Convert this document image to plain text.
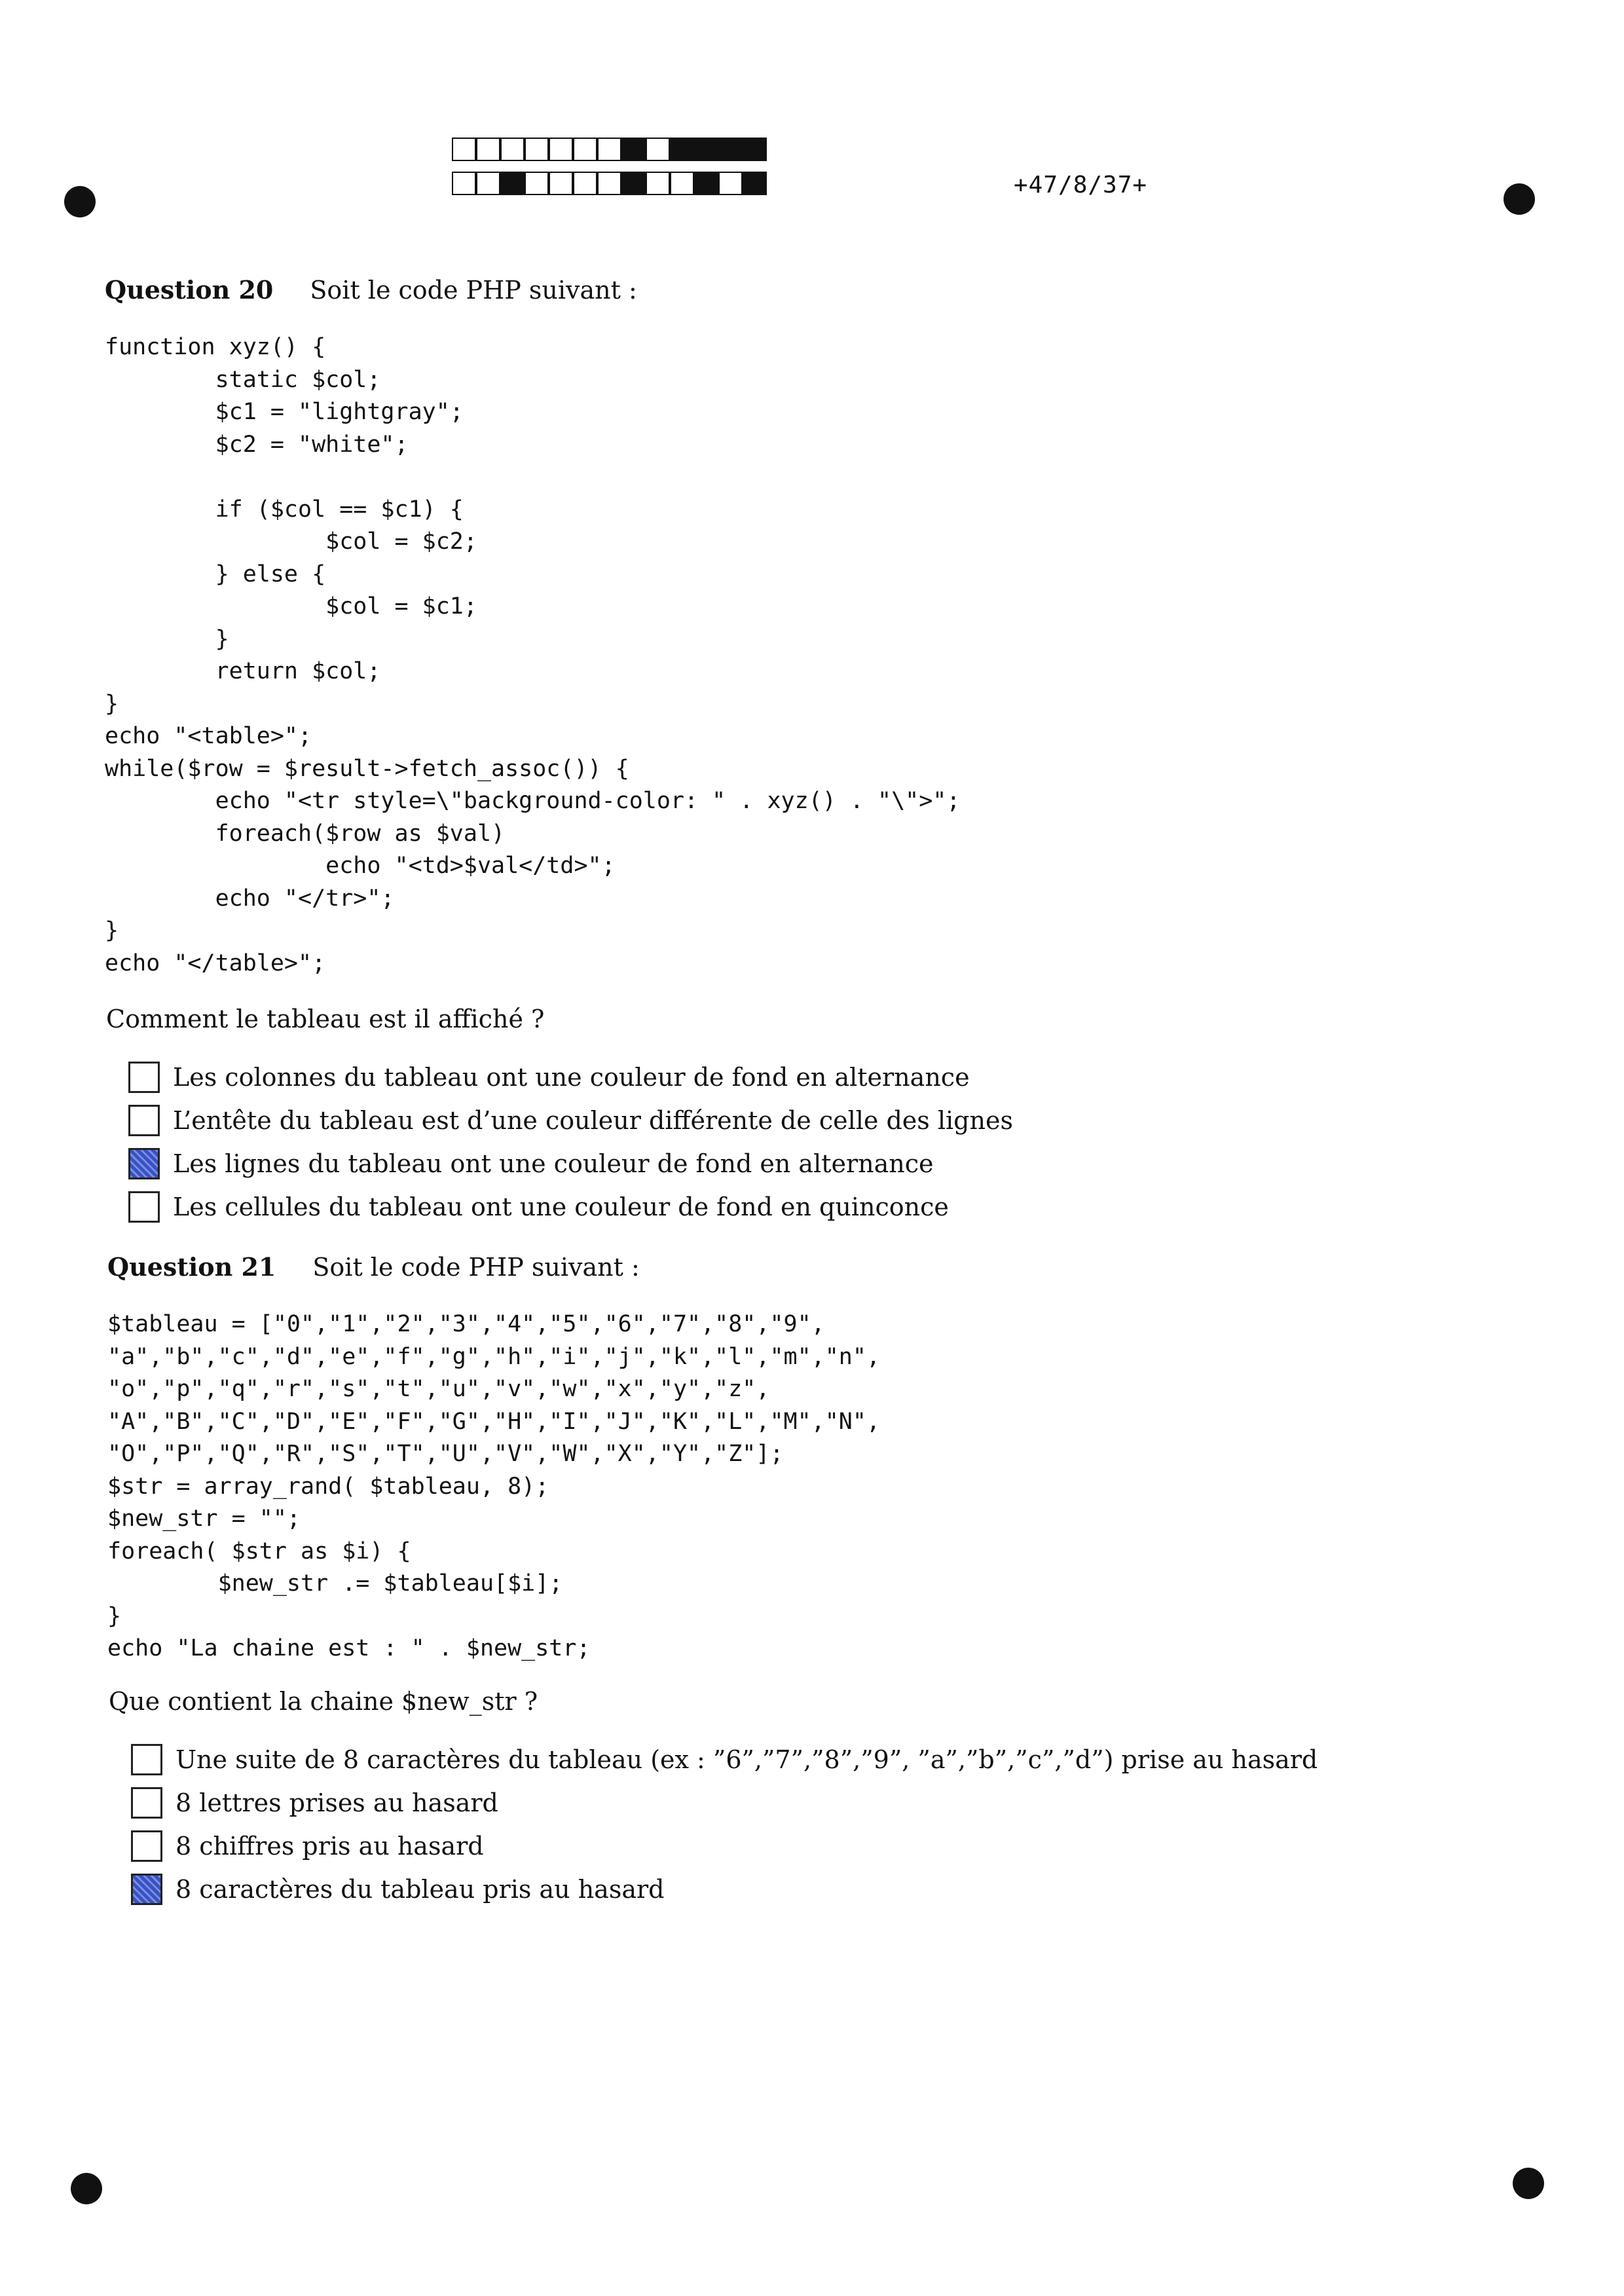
+47/8/37+
Question 20 Soit le code PHP suivant :
function xyz() {
static $col;
$c1 = "lightgray";
$c2 = "white";
if ($col == $c1) {
$col = $c2;
} else {
$col = $c1;
}
return $col;
}
echo "<table>";
while($row = $result->fetch_assoc()) {
echo "<tr style=\"background-color: " . xyz() . "\">";
foreach($row as $val)
echo "<td>$val</td>";
echo "</tr>";
}
echo "</table>";
Comment le tableau est il affiché ?
Les colonnes du tableau ont une couleur de fond en alternance
L’entête du tableau est d’une couleur différente de celle des lignes
Les lignes du tableau ont une couleur de fond en alternance
Les cellules du tableau ont une couleur de fond en quinconce
Question 21 Soit le code PHP suivant :
$tableau = ["0","1","2","3","4","5","6","7","8","9",
"a","b","c","d","e","f","g","h","i","j","k","l","m","n",
"o","p","q","r","s","t","u","v","w","x","y","z",
"A","B","C","D","E","F","G","H","I","J","K","L","M","N",
"O","P","Q","R","S","T","U","V","W","X","Y","Z"];
$str = array_rand( $tableau, 8);
$new_str = "";
foreach( $str as $i) {
$new_str .= $tableau[$i];
}
echo "La chaine est : " . $new_str;
Que contient la chaine $new_str ?
Une suite de 8 caractères du tableau (ex : ”6”,”7”,”8”,”9”, ”a”,”b”,”c”,”d”) prise au hasard
8 lettres prises au hasard
8 chiffres pris au hasard
8 caractères du tableau pris au hasard
